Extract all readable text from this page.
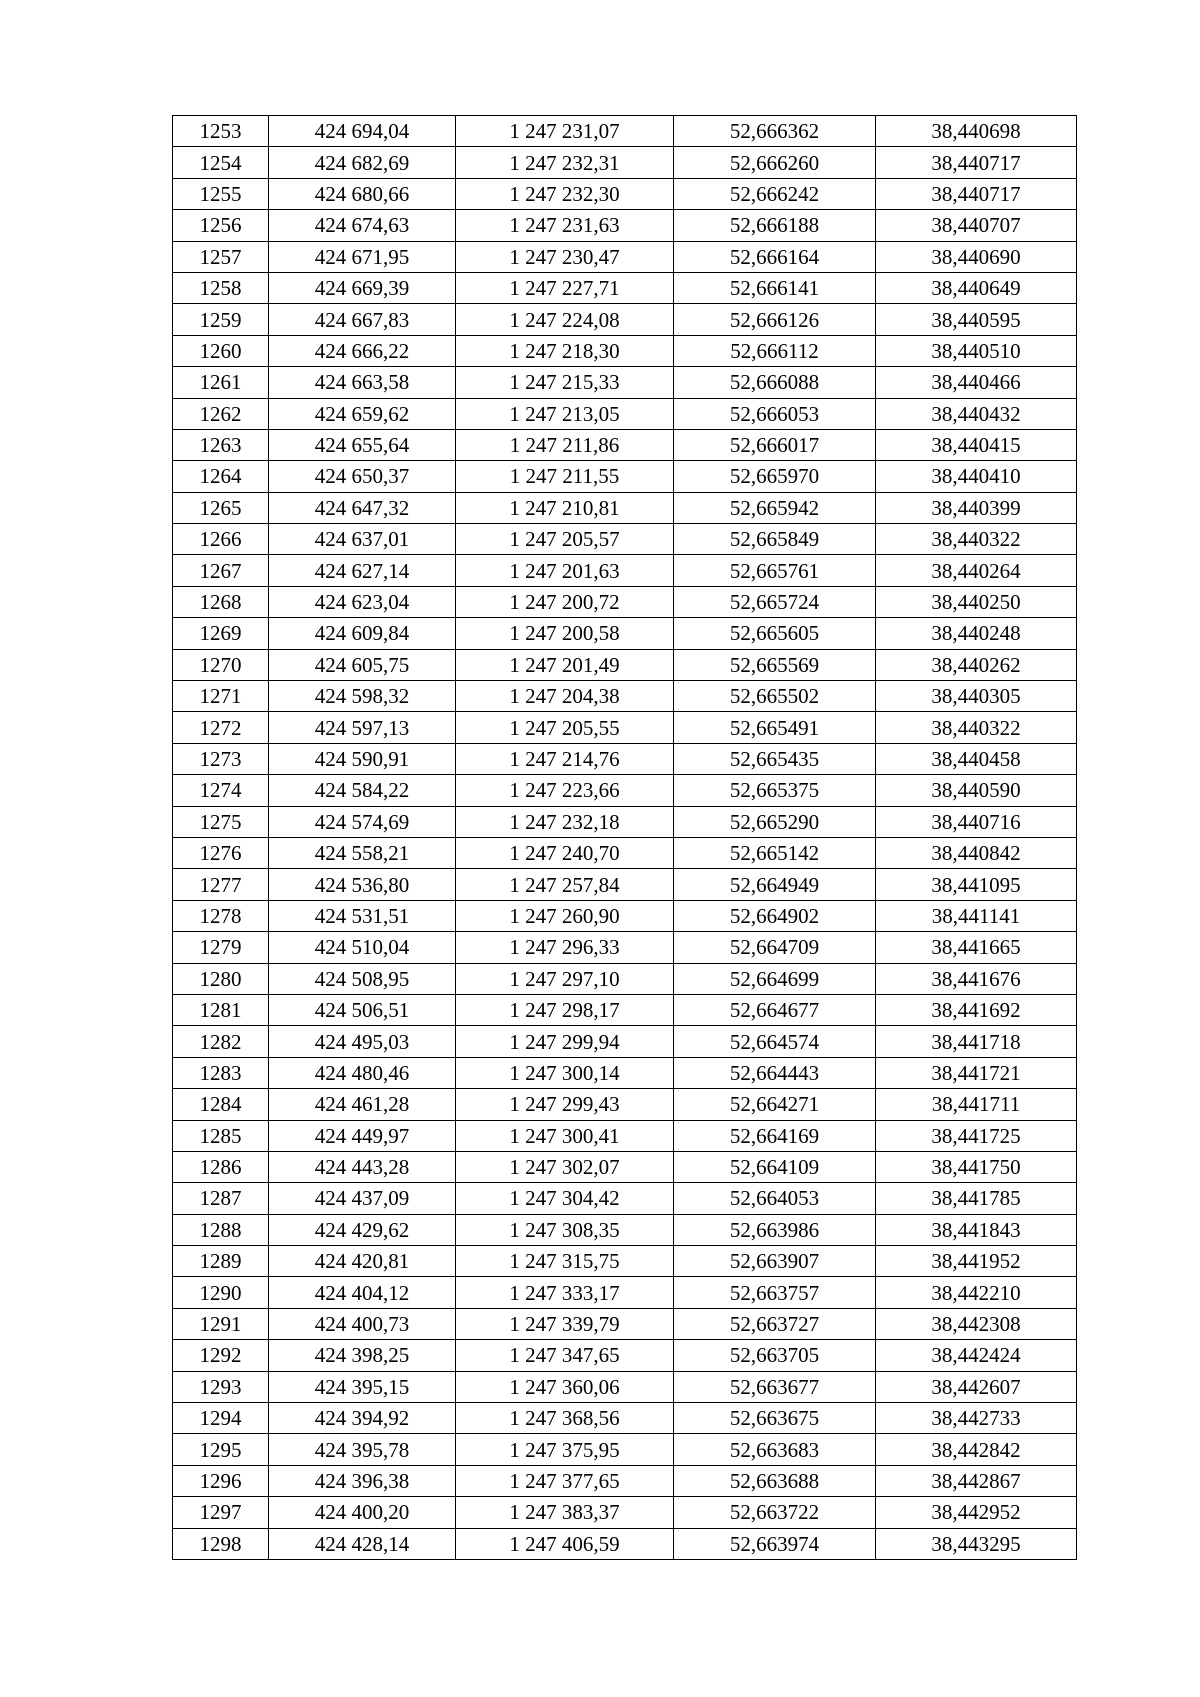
1253	424 694,04	1 247 231,07	52,666362	38,440698
1254	424 682,69	1 247 232,31	52,666260	38,440717
1255	424 680,66	1 247 232,30	52,666242	38,440717
1256	424 674,63	1 247 231,63	52,666188	38,440707
1257	424 671,95	1 247 230,47	52,666164	38,440690
1258	424 669,39	1 247 227,71	52,666141	38,440649
1259	424 667,83	1 247 224,08	52,666126	38,440595
1260	424 666,22	1 247 218,30	52,666112	38,440510
1261	424 663,58	1 247 215,33	52,666088	38,440466
1262	424 659,62	1 247 213,05	52,666053	38,440432
1263	424 655,64	1 247 211,86	52,666017	38,440415
1264	424 650,37	1 247 211,55	52,665970	38,440410
1265	424 647,32	1 247 210,81	52,665942	38,440399
1266	424 637,01	1 247 205,57	52,665849	38,440322
1267	424 627,14	1 247 201,63	52,665761	38,440264
1268	424 623,04	1 247 200,72	52,665724	38,440250
1269	424 609,84	1 247 200,58	52,665605	38,440248
1270	424 605,75	1 247 201,49	52,665569	38,440262
1271	424 598,32	1 247 204,38	52,665502	38,440305
1272	424 597,13	1 247 205,55	52,665491	38,440322
1273	424 590,91	1 247 214,76	52,665435	38,440458
1274	424 584,22	1 247 223,66	52,665375	38,440590
1275	424 574,69	1 247 232,18	52,665290	38,440716
1276	424 558,21	1 247 240,70	52,665142	38,440842
1277	424 536,80	1 247 257,84	52,664949	38,441095
1278	424 531,51	1 247 260,90	52,664902	38,441141
1279	424 510,04	1 247 296,33	52,664709	38,441665
1280	424 508,95	1 247 297,10	52,664699	38,441676
1281	424 506,51	1 247 298,17	52,664677	38,441692
1282	424 495,03	1 247 299,94	52,664574	38,441718
1283	424 480,46	1 247 300,14	52,664443	38,441721
1284	424 461,28	1 247 299,43	52,664271	38,441711
1285	424 449,97	1 247 300,41	52,664169	38,441725
1286	424 443,28	1 247 302,07	52,664109	38,441750
1287	424 437,09	1 247 304,42	52,664053	38,441785
1288	424 429,62	1 247 308,35	52,663986	38,441843
1289	424 420,81	1 247 315,75	52,663907	38,441952
1290	424 404,12	1 247 333,17	52,663757	38,442210
1291	424 400,73	1 247 339,79	52,663727	38,442308
1292	424 398,25	1 247 347,65	52,663705	38,442424
1293	424 395,15	1 247 360,06	52,663677	38,442607
1294	424 394,92	1 247 368,56	52,663675	38,442733
1295	424 395,78	1 247 375,95	52,663683	38,442842
1296	424 396,38	1 247 377,65	52,663688	38,442867
1297	424 400,20	1 247 383,37	52,663722	38,442952
1298	424 428,14	1 247 406,59	52,663974	38,443295
